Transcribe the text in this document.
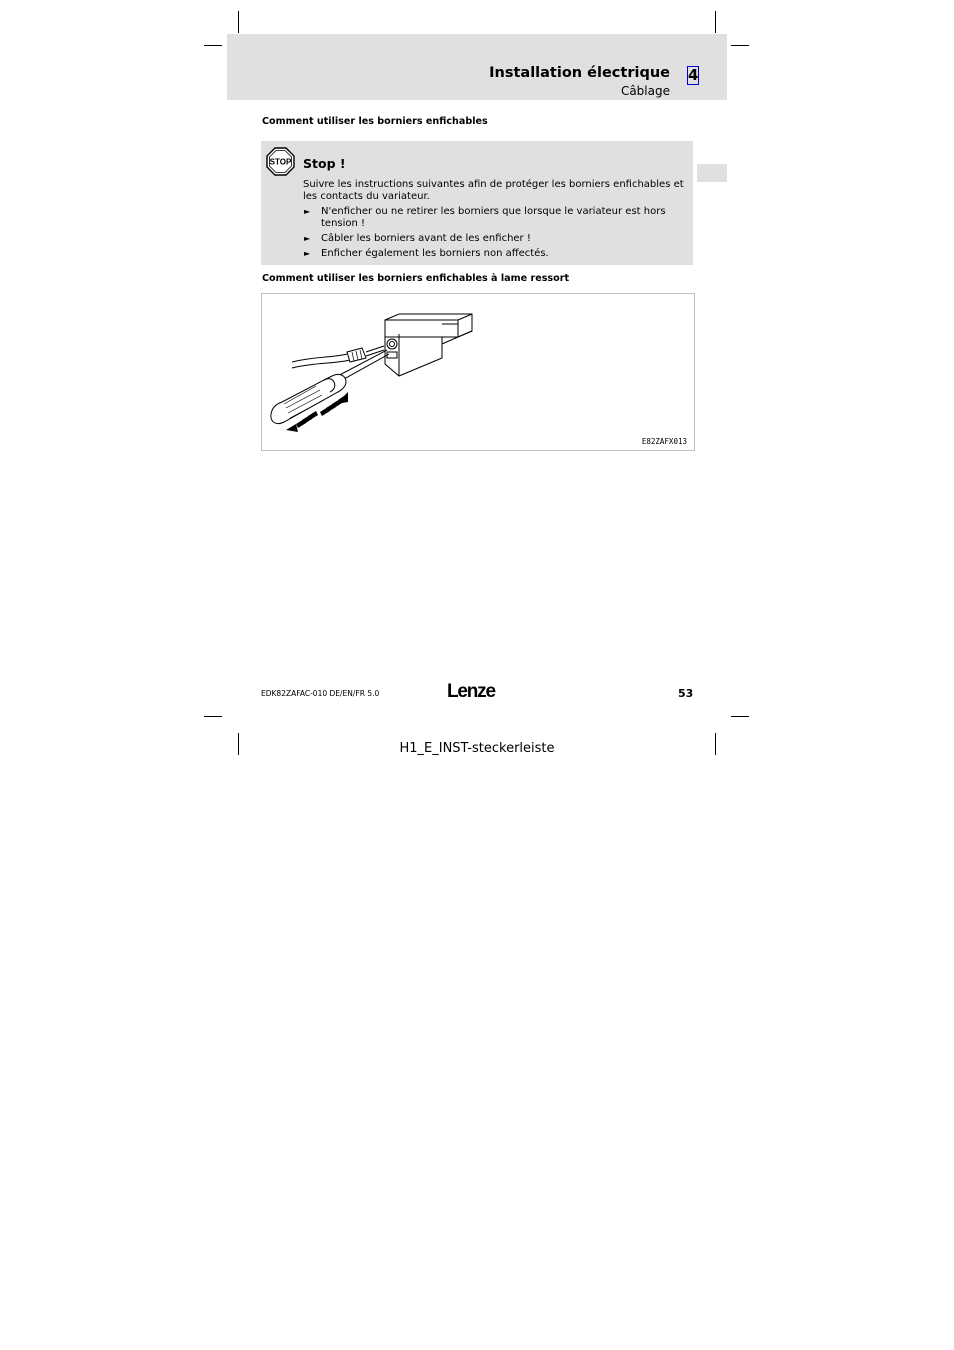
Installation électrique 4
Câblage
Comment utiliser les borniers enfichables
STOP Stop !
Suivre les instructions suivantes afin de protéger les borniers enfichables et les contacts du variateur.
► N'enficher ou ne retirer les borniers que lorsque le variateur est hors tension !
► Câbler les borniers avant de les enficher !
► Enficher également les borniers non affectés.
Comment utiliser les borniers enfichables à lame ressort
E82ZAFX013
EDK82ZAFAC-010 DE/EN/FR 5.0	Lenze	53
H1_E_INST-steckerleiste
